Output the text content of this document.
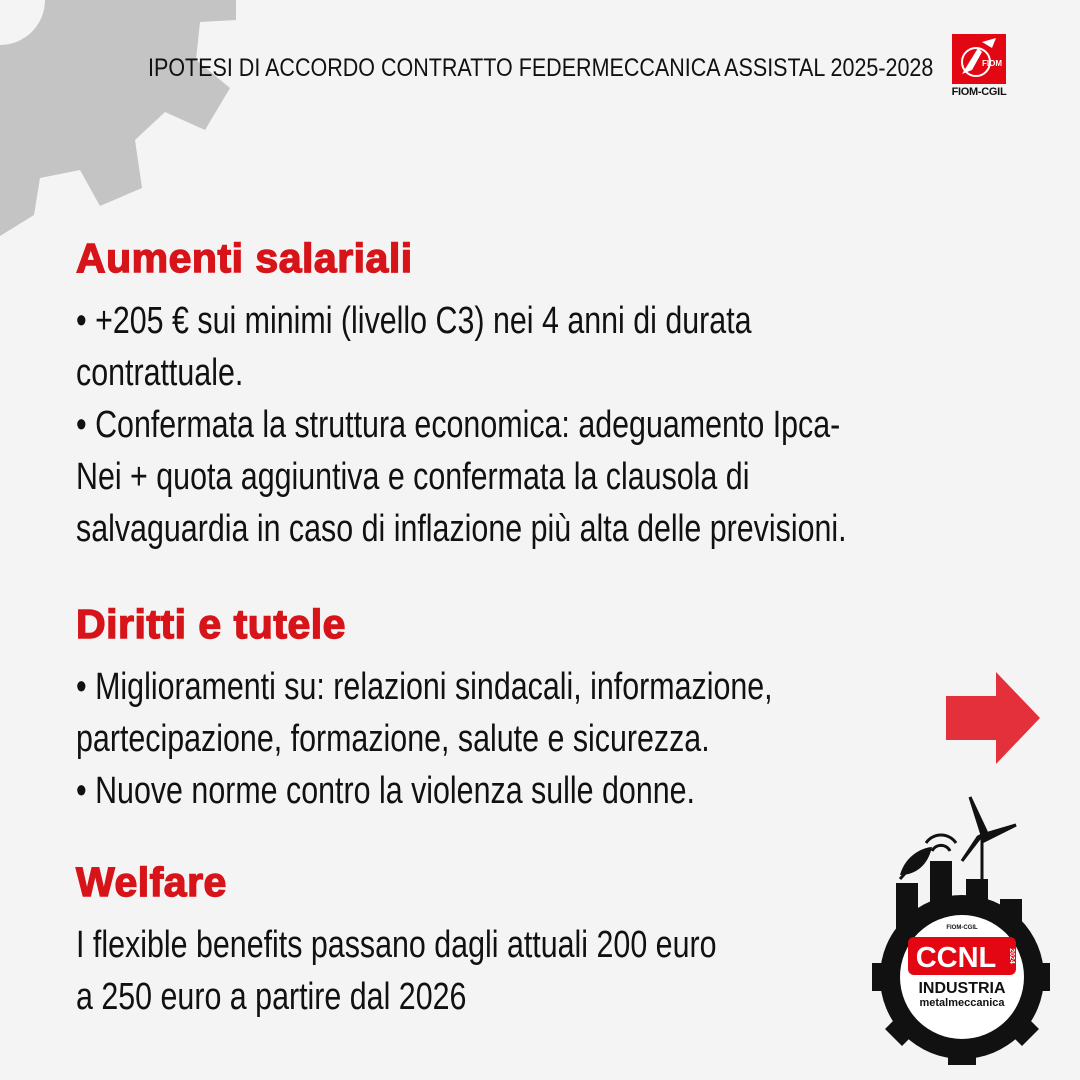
IPOTESI DI ACCORDO CONTRATTO FEDERMECCANICA ASSISTAL 2025-2028	FIOM
FIOM-CGIL
Aumenti salariali

• +205 € sui minimi (livello C3) nei 4 anni di durata

contrattuale.

• Confermata la struttura economica: adeguamento Ipca-

Nei + quota aggiuntiva e confermata la clausola di

salvaguardia in caso di inflazione più alta delle previsioni.

Diritti e tutele

• Miglioramenti su: relazioni sindacali, informazione,

partecipazione, formazione, salute e sicurezza.

• Nuove norme contro la violenza sulle donne.

Welfare

I flexible benefits passano dagli attuali 200 euro

a 250 euro a partire dal 2026

CCNL 2024
FIOM-CGIL
INDUSTRIA
metalmeccanica
